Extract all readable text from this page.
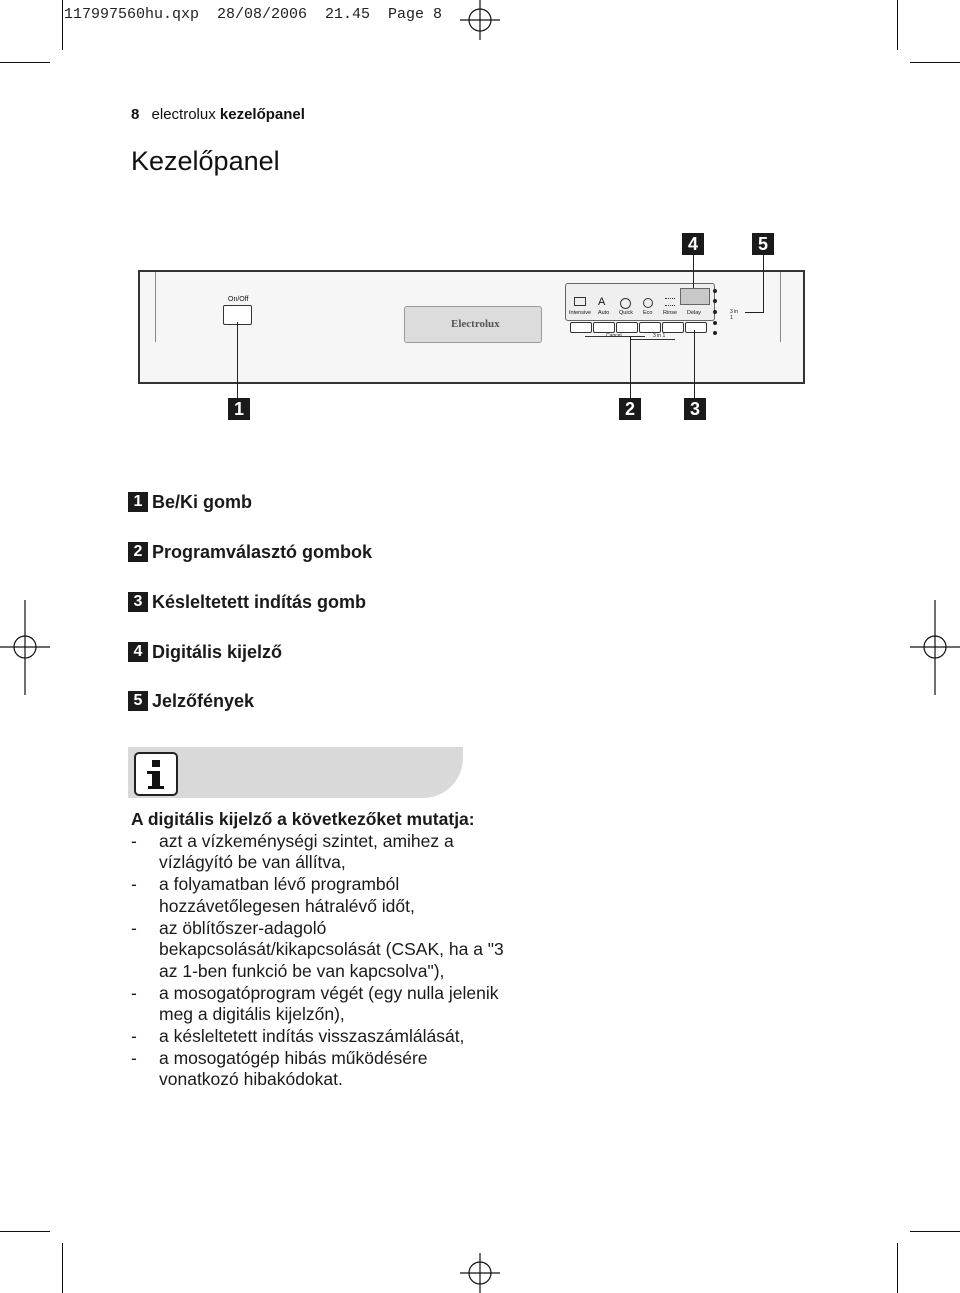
117997560hu.qxp  28/08/2006  21.45  Page 8
8 electrolux kezelőpanel
Kezelőpanel
4	5
1	2	3
On/Off
Electrolux
A
Intensive Auto Quick Eco Rinse Delay
3 in 1
3 in 1
1 Be/Ki gomb
2 Programválasztó gombok
3 Késleltetett indítás gomb
4 Digitális kijelző
5 Jelzőfények
A digitális kijelző a következőket mutatja:
- azt a vízkeménységi szintet, amihez a vízlágyító be van állítva,
- a folyamatban lévő programból hozzávetőlegesen hátralévő időt,
- az öblítőszer-adagoló bekapcsolását/kikapcsolását (CSAK, ha a "3 az 1-ben funkció be van kapcsolva"),
- a mosogatóprogram végét (egy nulla jelenik meg a digitális kijelzőn),
- a késleltetett indítás visszaszámlálását,
- a mosogatógép hibás működésére vonatkozó hibakódokat.
